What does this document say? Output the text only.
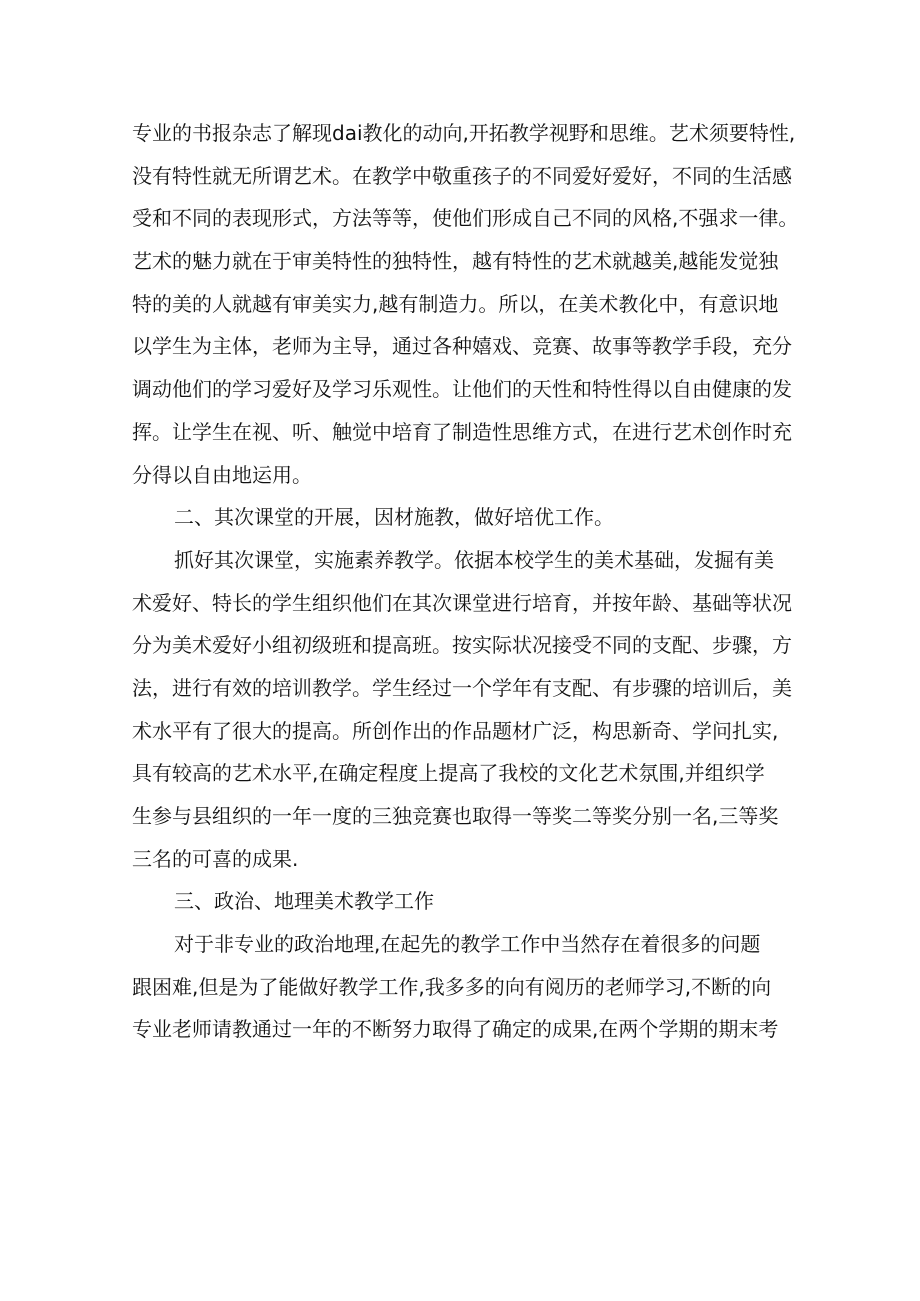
专业的书报杂志了解现dai教化的动向,开拓教学视野和思维。艺术须要特性,

没有特性就无所谓艺术。在教学中敬重孩子的不同爱好爱好，不同的生活感

受和不同的表现形式，方法等等，使他们形成自己不同的风格,不强求一律。

艺术的魅力就在于审美特性的独特性，越有特性的艺术就越美,越能发觉独

特的美的人就越有审美实力,越有制造力。所以，在美术教化中，有意识地

以学生为主体，老师为主导，通过各种嬉戏、竞赛、故事等教学手段，充分

调动他们的学习爱好及学习乐观性。让他们的天性和特性得以自由健康的发

挥。让学生在视、听、触觉中培育了制造性思维方式，在进行艺术创作时充

分得以自由地运用。

二、其次课堂的开展，因材施教，做好培优工作。

抓好其次课堂，实施素养教学。依据本校学生的美术基础，发掘有美

术爱好、特长的学生组织他们在其次课堂进行培育，并按年龄、基础等状况

分为美术爱好小组初级班和提高班。按实际状况接受不同的支配、步骤，方

法，进行有效的培训教学。学生经过一个学年有支配、有步骤的培训后，美

术水平有了很大的提高。所创作出的作品题材广泛，构思新奇、学问扎实,

具有较高的艺术水平,在确定程度上提高了我校的文化艺术氛围,并组织学

生参与县组织的一年一度的三独竞赛也取得一等奖二等奖分别一名,三等奖

三名的可喜的成果.

三、政治、地理美术教学工作

对于非专业的政治地理,在起先的教学工作中当然存在着很多的问题

跟困难,但是为了能做好教学工作,我多多的向有阅历的老师学习,不断的向

专业老师请教通过一年的不断努力取得了确定的成果,在两个学期的期末考
